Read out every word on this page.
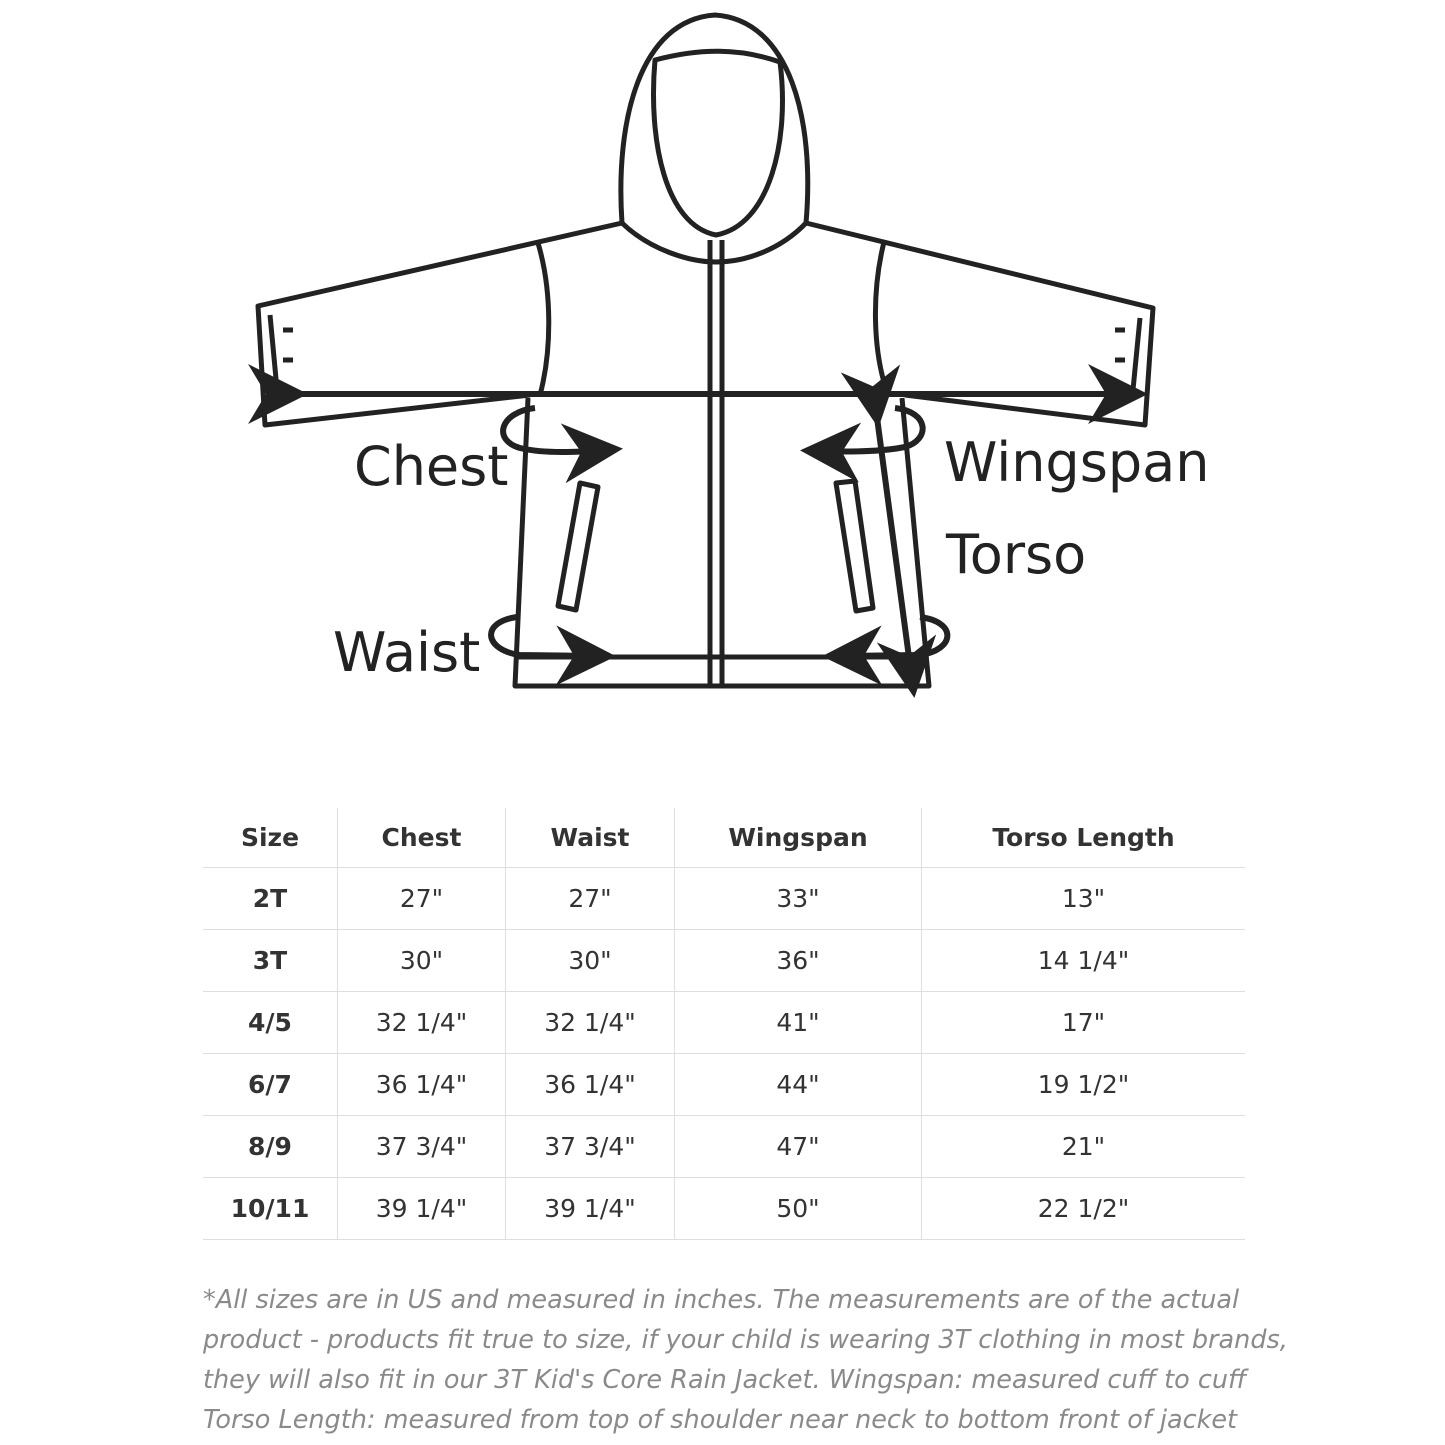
Chest	Wingspan
Torso
Waist
Size	Chest	Waist	Wingspan	Torso Length
2T	27"	27"	33"	13"
3T	30"	30"	36"	14 1/4"
4/5	32 1/4"	32 1/4"	41"	17"
6/7	36 1/4"	36 1/4"	44"	19 1/2"
8/9	37 3/4"	37 3/4"	47"	21"
10/11	39 1/4"	39 1/4"	50"	22 1/2"

*All sizes are in US and measured in inches. The measurements are of the actual
product - products fit true to size, if your child is wearing 3T clothing in most brands,
they will also fit in our 3T Kid's Core Rain Jacket. Wingspan: measured cuff to cuff
Torso Length: measured from top of shoulder near neck to bottom front of jacket
